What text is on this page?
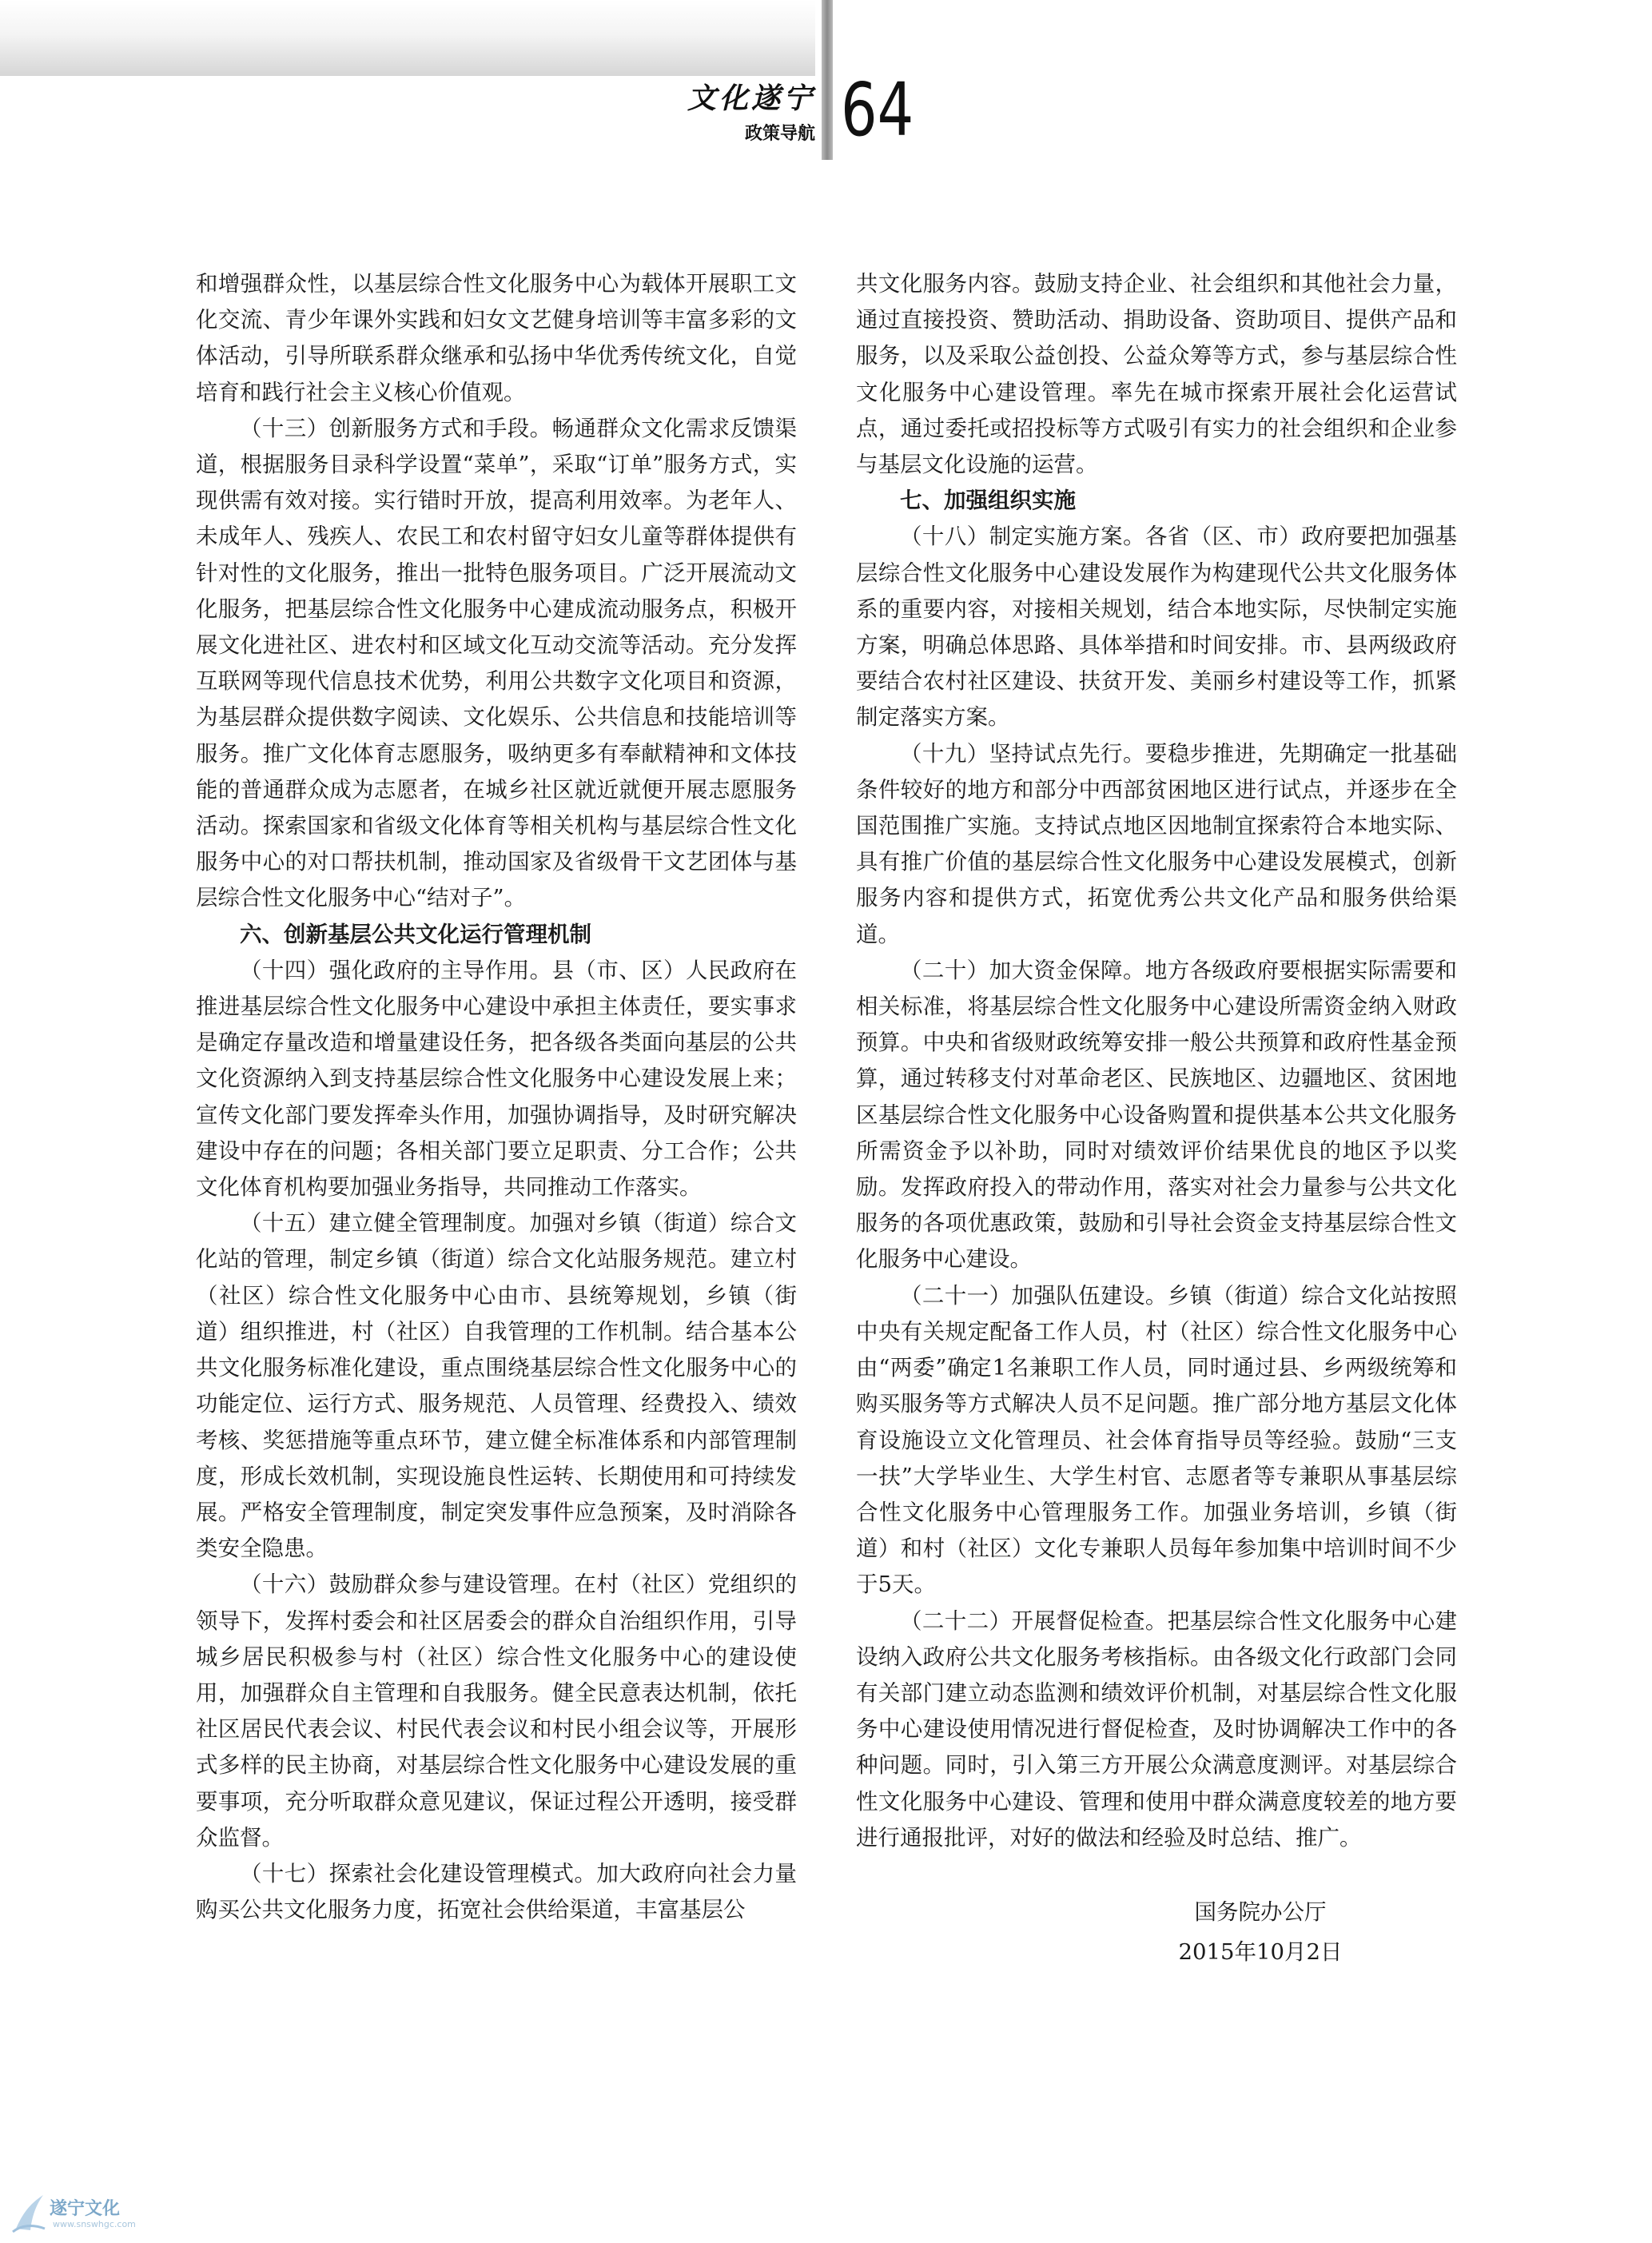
文化遂宁
政策导航 64

和增强群众性，以基层综合性文化服务中心为载体开展职工文化交流、青少年课外实践和妇女文艺健身培训等丰富多彩的文体活动，引导所联系群众继承和弘扬中华优秀传统文化，自觉培育和践行社会主义核心价值观。

（十三）创新服务方式和手段。畅通群众文化需求反馈渠道，根据服务目录科学设置“菜单”，采取“订单”服务方式，实现供需有效对接。实行错时开放，提高利用效率。为老年人、未成年人、残疾人、农民工和农村留守妇女儿童等群体提供有针对性的文化服务，推出一批特色服务项目。广泛开展流动文化服务，把基层综合性文化服务中心建成流动服务点，积极开展文化进社区、进农村和区域文化互动交流等活动。充分发挥互联网等现代信息技术优势，利用公共数字文化项目和资源，为基层群众提供数字阅读、文化娱乐、公共信息和技能培训等服务。推广文化体育志愿服务，吸纳更多有奉献精神和文体技能的普通群众成为志愿者，在城乡社区就近就便开展志愿服务活动。探索国家和省级文化体育等相关机构与基层综合性文化服务中心的对口帮扶机制，推动国家及省级骨干文艺团体与基层综合性文化服务中心“结对子”。

六、创新基层公共文化运行管理机制

（十四）强化政府的主导作用。县（市、区）人民政府在推进基层综合性文化服务中心建设中承担主体责任，要实事求是确定存量改造和增量建设任务，把各级各类面向基层的公共文化资源纳入到支持基层综合性文化服务中心建设发展上来；宣传文化部门要发挥牵头作用，加强协调指导，及时研究解决建设中存在的问题；各相关部门要立足职责、分工合作；公共文化体育机构要加强业务指导，共同推动工作落实。

（十五）建立健全管理制度。加强对乡镇（街道）综合文化站的管理，制定乡镇（街道）综合文化站服务规范。建立村（社区）综合性文化服务中心由市、县统筹规划，乡镇（街道）组织推进，村（社区）自我管理的工作机制。结合基本公共文化服务标准化建设，重点围绕基层综合性文化服务中心的功能定位、运行方式、服务规范、人员管理、经费投入、绩效考核、奖惩措施等重点环节，建立健全标准体系和内部管理制度，形成长效机制，实现设施良性运转、长期使用和可持续发展。严格安全管理制度，制定突发事件应急预案，及时消除各类安全隐患。

（十六）鼓励群众参与建设管理。在村（社区）党组织的领导下，发挥村委会和社区居委会的群众自治组织作用，引导城乡居民积极参与村（社区）综合性文化服务中心的建设使用，加强群众自主管理和自我服务。健全民意表达机制，依托社区居民代表会议、村民代表会议和村民小组会议等，开展形式多样的民主协商，对基层综合性文化服务中心建设发展的重要事项，充分听取群众意见建议，保证过程公开透明，接受群众监督。

（十七）探索社会化建设管理模式。加大政府向社会力量购买公共文化服务力度，拓宽社会供给渠道，丰富基层公

共文化服务内容。鼓励支持企业、社会组织和其他社会力量，通过直接投资、赞助活动、捐助设备、资助项目、提供产品和服务，以及采取公益创投、公益众筹等方式，参与基层综合性文化服务中心建设管理。率先在城市探索开展社会化运营试点，通过委托或招投标等方式吸引有实力的社会组织和企业参与基层文化设施的运营。

七、加强组织实施

（十八）制定实施方案。各省（区、市）政府要把加强基层综合性文化服务中心建设发展作为构建现代公共文化服务体系的重要内容，对接相关规划，结合本地实际，尽快制定实施方案，明确总体思路、具体举措和时间安排。市、县两级政府要结合农村社区建设、扶贫开发、美丽乡村建设等工作，抓紧制定落实方案。

（十九）坚持试点先行。要稳步推进，先期确定一批基础条件较好的地方和部分中西部贫困地区进行试点，并逐步在全国范围推广实施。支持试点地区因地制宜探索符合本地实际、具有推广价值的基层综合性文化服务中心建设发展模式，创新服务内容和提供方式，拓宽优秀公共文化产品和服务供给渠道。

（二十）加大资金保障。地方各级政府要根据实际需要和相关标准，将基层综合性文化服务中心建设所需资金纳入财政预算。中央和省级财政统筹安排一般公共预算和政府性基金预算，通过转移支付对革命老区、民族地区、边疆地区、贫困地区基层综合性文化服务中心设备购置和提供基本公共文化服务所需资金予以补助，同时对绩效评价结果优良的地区予以奖励。发挥政府投入的带动作用，落实对社会力量参与公共文化服务的各项优惠政策，鼓励和引导社会资金支持基层综合性文化服务中心建设。

（二十一）加强队伍建设。乡镇（街道）综合文化站按照中央有关规定配备工作人员，村（社区）综合性文化服务中心由“两委”确定1名兼职工作人员，同时通过县、乡两级统筹和购买服务等方式解决人员不足问题。推广部分地方基层文化体育设施设立文化管理员、社会体育指导员等经验。鼓励“三支一扶”大学毕业生、大学生村官、志愿者等专兼职从事基层综合性文化服务中心管理服务工作。加强业务培训，乡镇（街道）和村（社区）文化专兼职人员每年参加集中培训时间不少于5天。

（二十二）开展督促检查。把基层综合性文化服务中心建设纳入政府公共文化服务考核指标。由各级文化行政部门会同有关部门建立动态监测和绩效评价机制，对基层综合性文化服务中心建设使用情况进行督促检查，及时协调解决工作中的各种问题。同时，引入第三方开展公众满意度测评。对基层综合性文化服务中心建设、管理和使用中群众满意度较差的地方要进行通报批评，对好的做法和经验及时总结、推广。

国务院办公厅
2015年10月2日
遂宁文化
www.snswhgc.com
